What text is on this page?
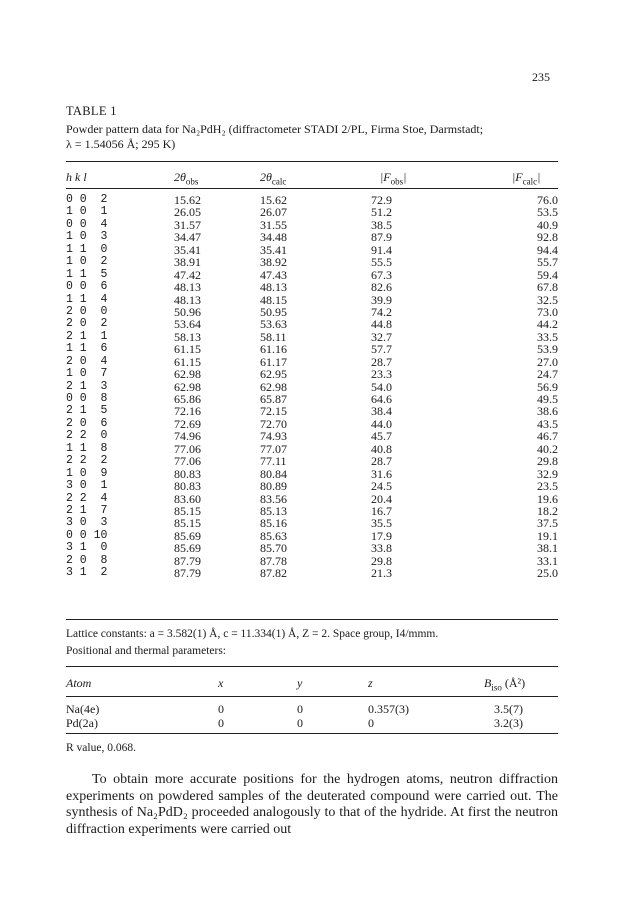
235
TABLE 1
Powder pattern data for Na₂PdH₂ (diffractometer STADI 2/PL, Firma Stoe, Darmstadt;
λ = 1.54056 Å; 295 K)
h k l	$2\theta_{obs}$	$2\theta_{calc}$	$|F_{obs}|$	$|F_{calc}|$
0 0  2	15.62	15.62	72.9	76.0
1 0  1	26.05	26.07	51.2	53.5
0 0  4	31.57	31.55	38.5	40.9
1 0  3	34.47	34.48	87.9	92.8
1 1  0	35.41	35.41	91.4	94.4
1 0  2	38.91	38.92	55.5	55.7
1 1  5	47.42	47.43	67.3	59.4
0 0  6	48.13	48.13	82.6	67.8
1 1  4	48.13	48.15	39.9	32.5
2 0  0	50.96	50.95	74.2	73.0
2 0  2	53.64	53.63	44.8	44.2
2 1  1	58.13	58.11	32.7	33.5
1 1  6	61.15	61.16	57.7	53.9
2 0  4	61.15	61.17	28.7	27.0
1 0  7	62.98	62.95	23.3	24.7
2 1  3	62.98	62.98	54.0	56.9
0 0  8	65.86	65.87	64.6	49.5
2 1  5	72.16	72.15	38.4	38.6
2 0  6	72.69	72.70	44.0	43.5
2 2  0	74.96	74.93	45.7	46.7
1 1  8	77.06	77.07	40.8	40.2
2 2  2	77.06	77.11	28.7	29.8
1 0  9	80.83	80.84	31.6	32.9
3 0  1	80.83	80.89	24.5	23.5
2 2  4	83.60	83.56	20.4	19.6
2 1  7	85.15	85.13	16.7	18.2
3 0  3	85.15	85.16	35.5	37.5
0 0 10	85.69	85.63	17.9	19.1
3 1  0	85.69	85.70	33.8	38.1
2 0  8	87.79	87.78	29.8	33.1
3 1  2	87.79	87.82	21.3	25.0
Lattice constants: a = 3.582(1) Å, c = 11.334(1) Å, Z = 2. Space group, I4/mmm.
Positional and thermal parameters:
Atom	x	y	z	$B_{iso}$ (Å²)
Na(4e)	0	0	0.357(3)	3.5(7)
Pd(2a)	0	0	0	3.2(3)
R value, 0.068.

To obtain more accurate positions for the hydrogen atoms, neutron diffraction experiments on powdered samples of the deuterated compound were carried out. The synthesis of Na₂PdD₂ proceeded analogously to that of the hydride. At first the neutron diffraction experiments were carried out
